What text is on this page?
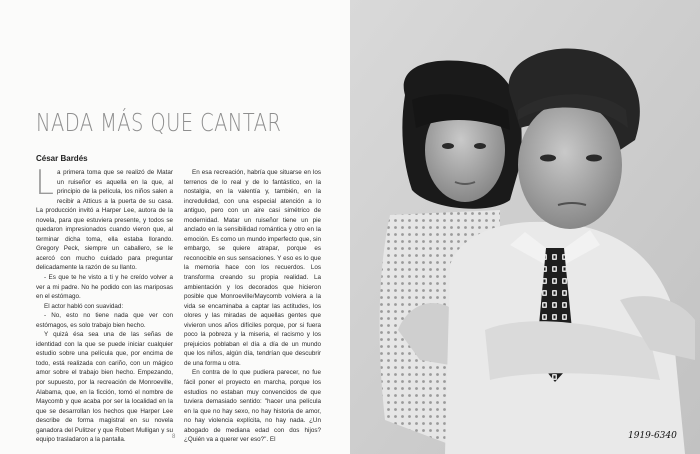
NADA MÁS QUE CANTAR
César Bardés

La primera toma que se realizó de Matar un ruiseñor es aquella en la que, al principio de la película, los niños salen a recibir a Atticus a la puerta de su casa. La producción invitó a Harper Lee, autora de la novela, para que estuviera presente, y todos se quedaron impresionados cuando vieron que, al terminar dicha toma, ella estaba llorando. Gregory Peck, siempre un caballero, se le acercó con mucho cuidado para preguntar delicadamente la razón de su llanto.

- Es que te he visto a ti y he creído volver a ver a mi padre. No he podido con las mariposas en el estómago.

El actor habló con suavidad:

- No, esto no tiene nada que ver con estómagos, es solo trabajo bien hecho.

Y quizá ésa sea una de las señas de identidad con la que se puede iniciar cualquier estudio sobre una película que, por encima de todo, está realizada con cariño, con un mágico amor sobre el trabajo bien hecho. Empezando, por supuesto, por la recreación de Monroeville, Alabama, que, en la ficción, tomó el nombre de Maycomb y que acaba por ser la localidad en la que se desarrollan los hechos que Harper Lee describe de forma magistral en su novela ganadora del Pulitzer y que Robert Mulligan y su equipo trasladaron a la pantalla.

En esa recreación, habría que situarse en los terrenos de lo real y de lo fantástico, en la nostalgia, en la valentía y, también, en la incredulidad, con una especial atención a lo antiguo, pero con un aire casi simétrico de modernidad. Matar un ruiseñor tiene un pie anclado en la sensibilidad romántica y otro en la emoción. Es como un mundo imperfecto que, sin embargo, se quiere atrapar, porque es reconocible en sus sensaciones. Y eso es lo que la memoria hace con los recuerdos. Los transforma creando su propia realidad. La ambientación y los decorados que hicieron posible que Monroeville/Maycomb volviera a la vida se encaminaba a captar las actitudes, los olores y las miradas de aquellas gentes que vivieron unos años difíciles porque, por si fuera poco la pobreza y la miseria, el racismo y los prejuicios poblaban el día a día de un mundo que los niños, algún día, tendrían que descubrir de una forma u otra.

En contra de lo que pudiera parecer, no fue fácil poner el proyecto en marcha, porque los estudios no estaban muy convencidos de que tuviera demasiado sentido: "hacer una película en la que no hay sexo, no hay historia de amor, no hay violencia explícita, no hay nada. ¿Un abogado de mediana edad con dos hijos? ¿Quién va a querer ver eso?". El

8	1919-6340
